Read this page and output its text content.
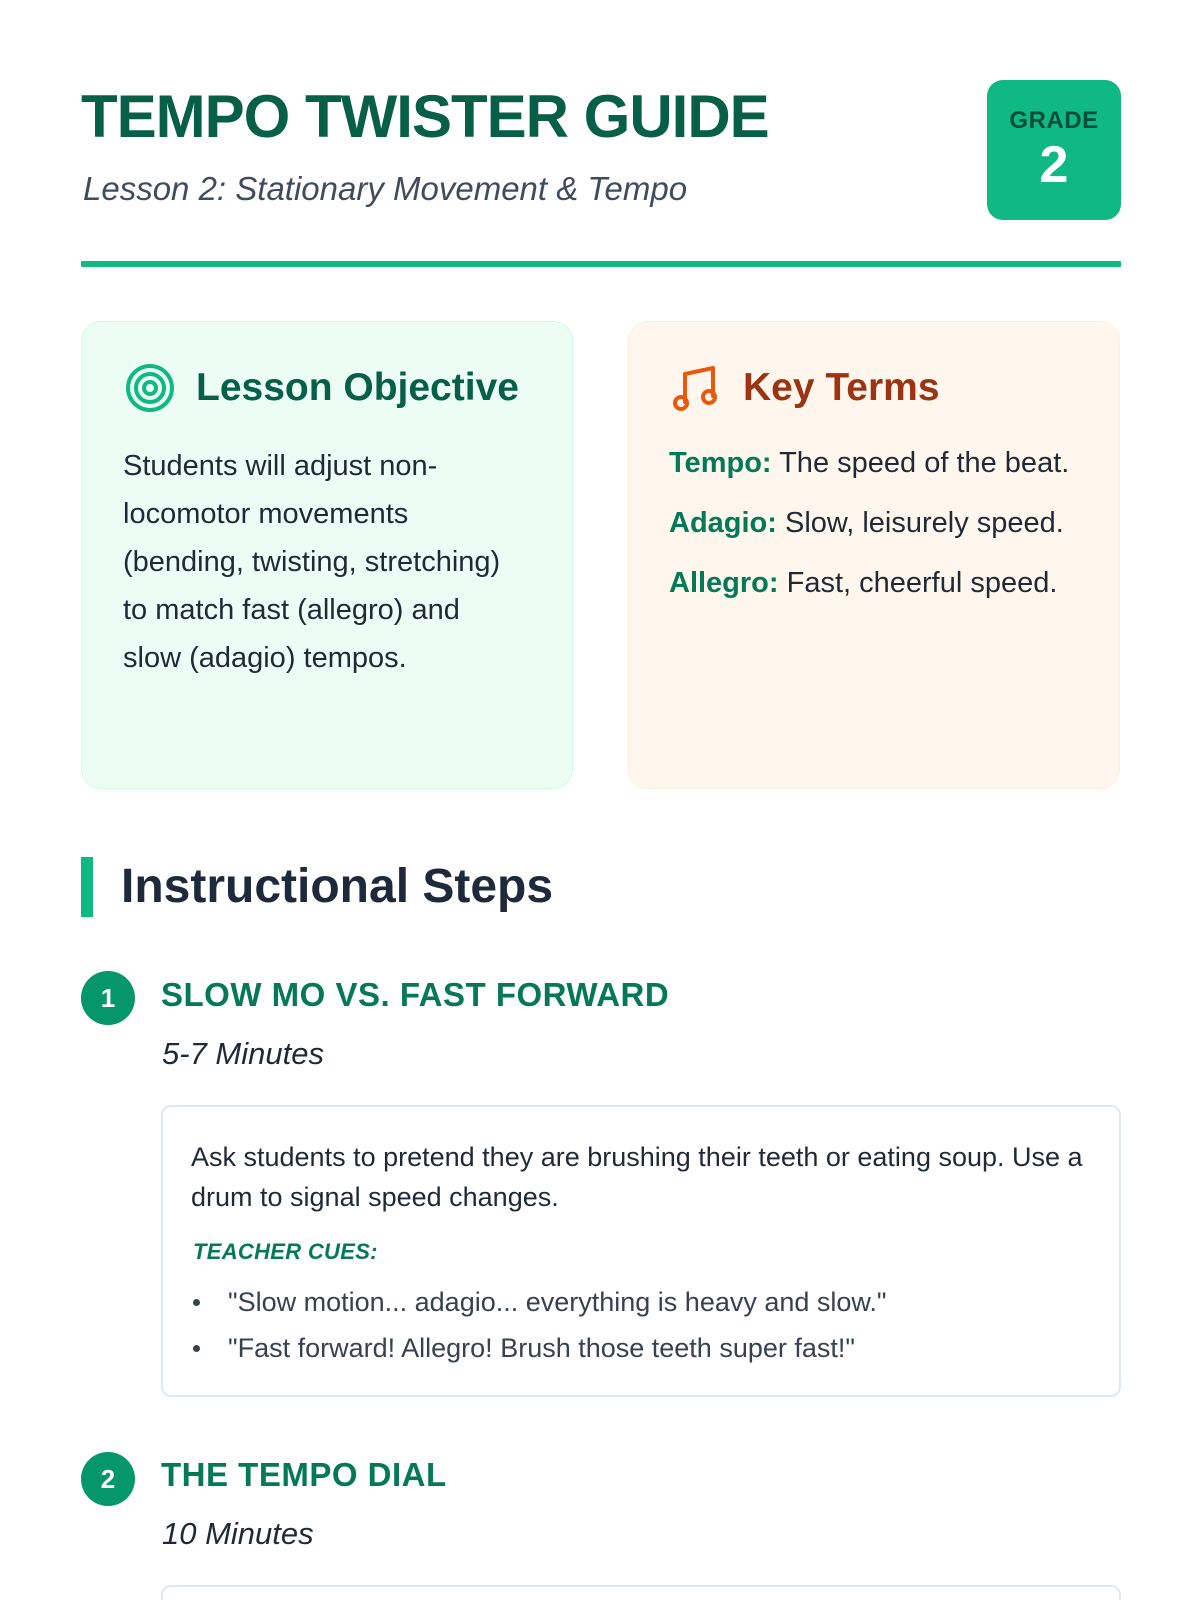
TEMPO TWISTER GUIDE

Lesson 2: Stationary Movement & Tempo

GRADE
2
Lesson Objective

Students will adjust non-locomotor movements (bending, twisting, stretching) to match fast (allegro) and slow (adagio) tempos.

Key Terms
Tempo: The speed of the beat.
Adagio: Slow, leisurely speed.
Allegro: Fast, cheerful speed.
Instructional Steps
1	SLOW MO VS. FAST FORWARD

5-7 Minutes

Ask students to pretend they are brushing their teeth or eating soup. Use a drum to signal speed changes.

TEACHER CUES:

"Slow motion... adagio... everything is heavy and slow."
"Fast forward! Allegro! Brush those teeth super fast!"
2	THE TEMPO DIAL

10 Minutes
